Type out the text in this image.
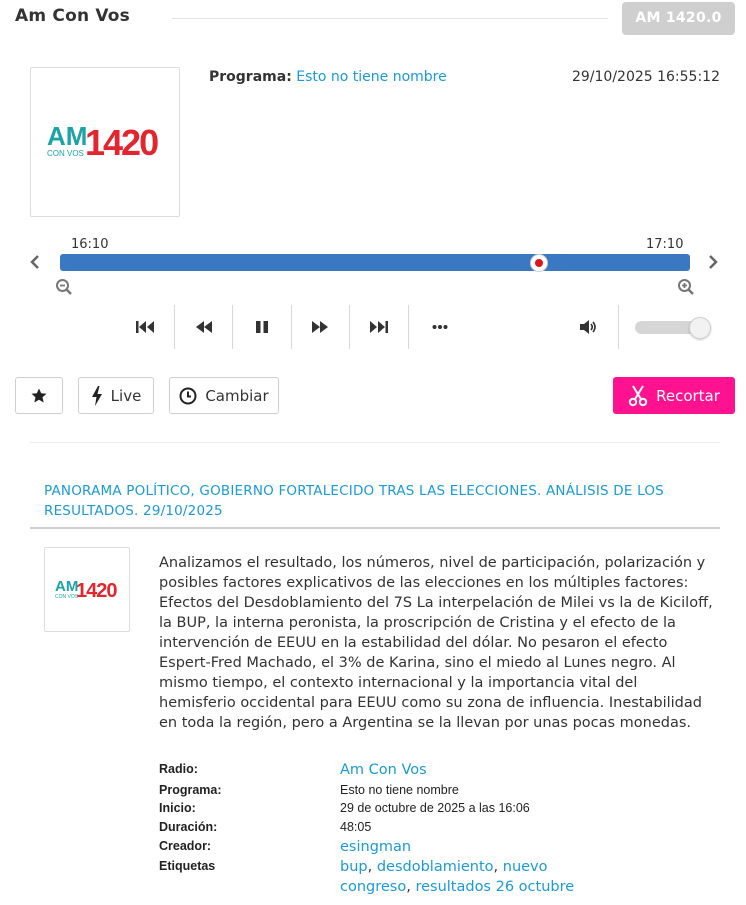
Am Con Vos	AM 1420.0
AM
CON VOS 1420
Programa: Esto no tiene nombre	29/10/2025 16:55:12
16:10	17:10
Live	Cambiar	Recortar
PANORAMA POLÍTICO, GOBIERNO FORTALECIDO TRAS LAS ELECCIONES. ANÁLISIS DE LOS RESULTADOS. 29/10/2025
AM
CON VOS
1420
Analizamos el resultado, los números, nivel de participación, polarización y posibles factores explicativos de las elecciones en los múltiples factores: Efectos del Desdoblamiento del 7S La interpelación de Milei vs la de Kiciloff, la BUP, la interna peronista, la proscripción de Cristina y el efecto de la intervención de EEUU en la estabilidad del dólar. No pesaron el efecto Espert-Fred Machado, el 3% de Karina, sino el miedo al Lunes negro. Al mismo tiempo, el contexto internacional y la importancia vital del hemisferio occidental para EEUU como su zona de influencia. Inestabilidad en toda la región, pero a Argentina se la llevan por unas pocas monedas.
Radio:	Am Con Vos
Programa:	Esto no tiene nombre
Inicio:	29 de octubre de 2025 a las 16:06
Duración:	48:05
Creador:	esingman
Etiquetas	bup, desdoblamiento, nuevo congreso, resultados 26 octubre
